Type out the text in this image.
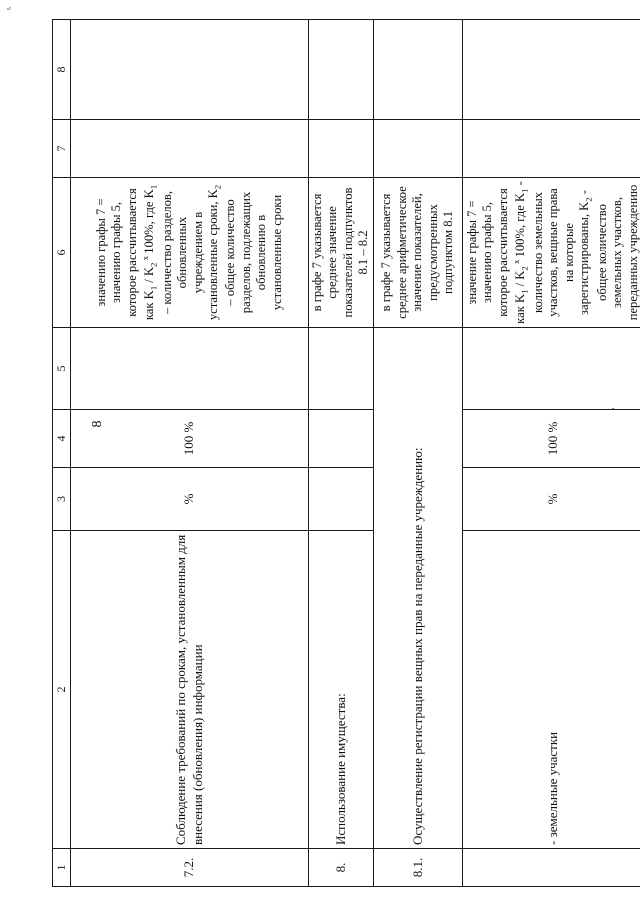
ﬞ
8
1	2	3	4	5	6	7	8
7.2.	Соблюдение требований по срокам, установленным для внесения (обновления) информации	%	100 %		значению графы 7 = значению графы 5, которое рассчитывается как $K_1 / K_2$ $^x$ 100%, где $K_1$ – количество разделов, обновленных учреждением в установленные сроки, $K_2$ – общее количество разделов, подлежащих обновлению в установленные сроки		
8.	Использование имущества:				в графе 7 указывается среднее значение показателей подпунктов 8.1 – 8.2		
8.1.	Осуществление регистрации вещных прав на переданные учреждению:				в графе 7 указывается среднее арифметическое значение показателей, предусмотренных подпунктом 8.1		
	- земельные участки	%	100 %		значение графы 7 = значению графы 5, которое рассчитывается как $K_1 / K_2$ $^x$ 100%, где $K_1$ - количество земельных участков, вещные права на которые зарегистрированы, $K_2$ - общее количество земельных участков, переданных учреждению		
